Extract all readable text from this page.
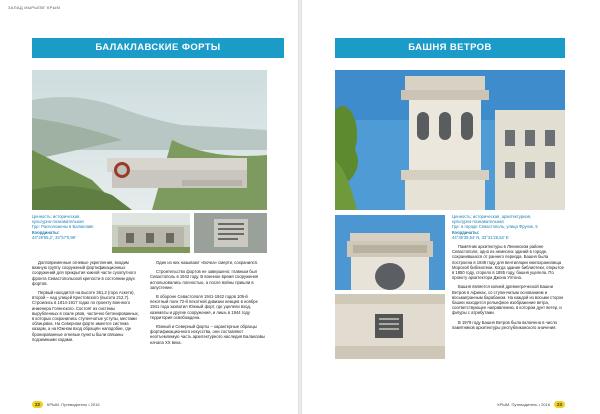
ЗАПАД ИЫРЬЕВГ КРЫМ
БАЛАКЛАВСКИЕ ФОРТЫ
Ценность: историческая,
культурно-познавательная
Где: Расположены в Балаклаве
Координаты:
44°29'55,2', 33°57'0,98'

Долговременные огневые укрепления, входим важную группу сооружений фортификационных сооружений для прикрытия южной части сухопутного фронта Севастопольской крепости в состоянии двух фортов.

Первый находится на высоте 361,2 (гора Аскети), второй – над улицей Крестовского (высота 212,7). Строились в 1914-1917 годах по проекту военного инженера Голенского. Состоят из системы вырубленных в скале рвов, частично бетонированных, в которых сохранились ступенчатые уступы, местами облицовка. На Северном форте имеется система казарм, а на Южном вход обращён наподобие, где бронированные огневые пункты были связаны подземными ходами.

Один из них называют «Бочка» смерти, сохранился.

Строительство фортов не завершено: главным был Севастополь в 1942 году. В военное время сооружения использовались полностью, а после войны пришли в запустение.

В обороне Севастополя 1941-1942 годов 105-й пехотный полк 72-й пехотной дивизии немцев в ноябре 1941 года захватил Южный форт, где уцелели вход, казематы и другие сооружения, и лишь в 1944 году территория освобождена.

Южный и Северный форты – характерные образцы фортификационного искусства, они составляют неотъемлемую часть архитектурного наследия Балаклавы начала XX века.

22	КРЫМ. Путеводитель • 2016
БАШНЯ ВЕТРОВ
Ценность: историческая, архитектурная,
культурно-познавательная
Где: в городе Севастополь, улица Фрунзе, 5
Координаты:
44°36'39,54' N, 33°31'26,53' E

Памятник архитектуры в Ленинском районе Севастополя, одно из немногих зданий в городе, сохранившихся от раннего периода. Башня была построена в 1849 году для вентиляции книгохранилища Морской библиотеки. Когда здание библиотеки, открытое в 1850 году, сгорело в 1855 году, башня уцелела. По проекту архитектора Джона Уптона.

Башня является копией древнегреческой Башни Ветров в Афинах, со ступенчатым основанием и восьмигранным барабаном. На каждой из восьми сторон башни находится рельефное изображение ветра, соответствующее направлению, в котором дует ветер, и фигуры с атрибутами.

В 1979 году Башня Ветров была включена в число памятников архитектуры республиканского значения.

КРЫМ. Путеводитель • 2016	23
